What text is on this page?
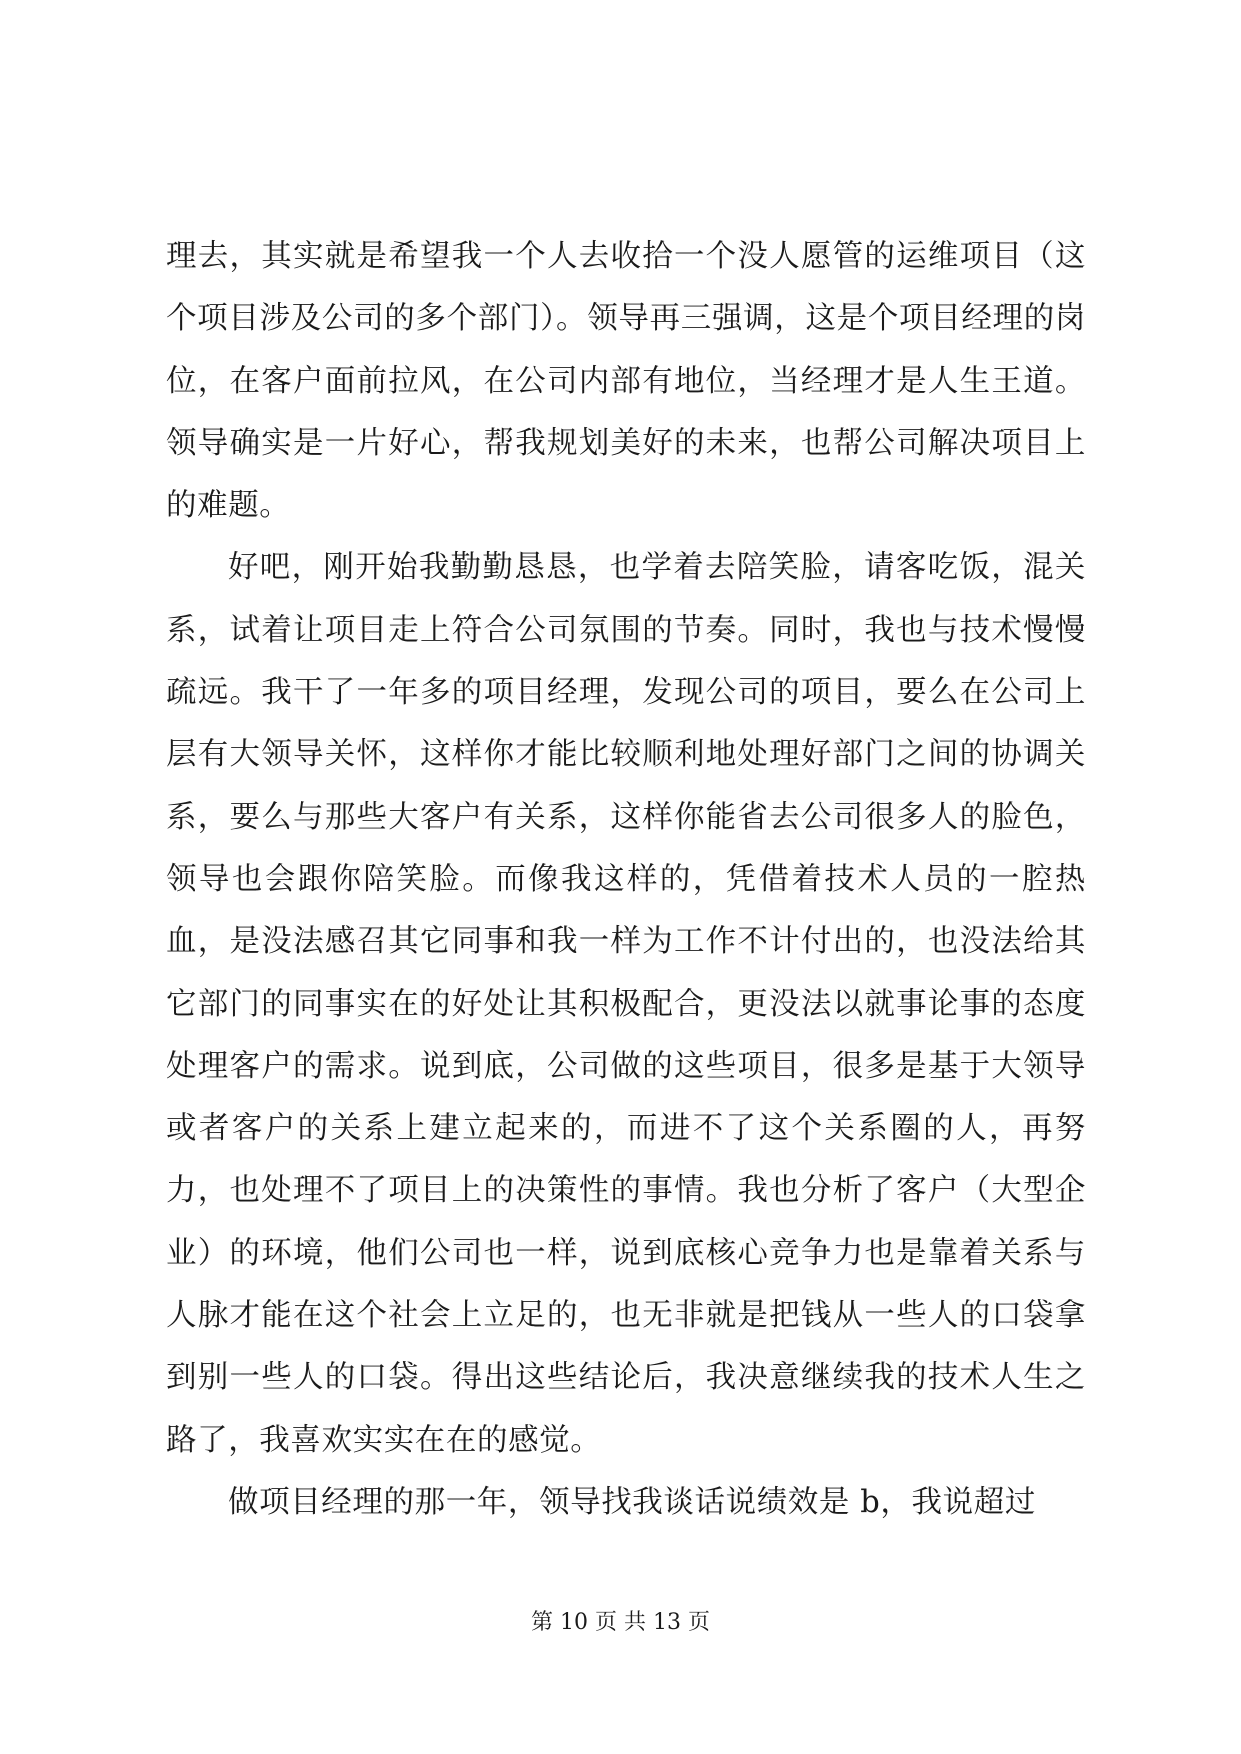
理去，其实就是希望我一个人去收拾一个没人愿管的运维项目（这个项目涉及公司的多个部门）。领导再三强调，这是个项目经理的岗位，在客户面前拉风，在公司内部有地位，当经理才是人生王道。领导确实是一片好心，帮我规划美好的未来，也帮公司解决项目上的难题。

好吧，刚开始我勤勤恳恳，也学着去陪笑脸，请客吃饭，混关系，试着让项目走上符合公司氛围的节奏。同时，我也与技术慢慢疏远。我干了一年多的项目经理，发现公司的项目，要么在公司上层有大领导关怀，这样你才能比较顺利地处理好部门之间的协调关系，要么与那些大客户有关系，这样你能省去公司很多人的脸色，领导也会跟你陪笑脸。而像我这样的，凭借着技术人员的一腔热血，是没法感召其它同事和我一样为工作不计付出的，也没法给其它部门的同事实在的好处让其积极配合，更没法以就事论事的态度处理客户的需求。说到底，公司做的这些项目，很多是基于大领导或者客户的关系上建立起来的，而进不了这个关系圈的人，再努力，也处理不了项目上的决策性的事情。我也分析了客户（大型企业）的环境，他们公司也一样，说到底核心竞争力也是靠着关系与人脉才能在这个社会上立足的，也无非就是把钱从一些人的口袋拿到别一些人的口袋。得出这些结论后，我决意继续我的技术人生之路了，我喜欢实实在在的感觉。

做项目经理的那一年，领导找我谈话说绩效是 b，我说超过

第 10 页 共 13 页
